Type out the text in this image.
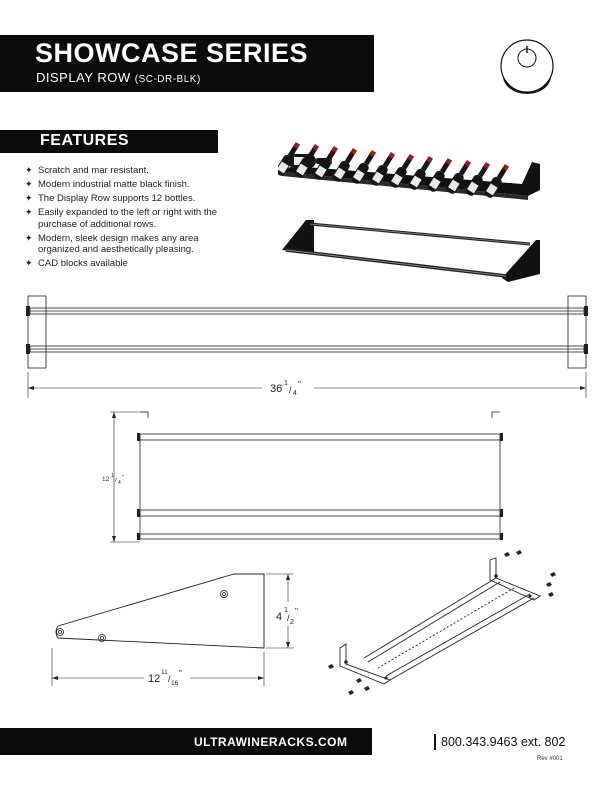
SHOWCASE SERIES
DISPLAY ROW (SC-DR-BLK)
FEATURES
✦ Scratch and mar resistant.
✦ Modern industrial matte black finish.
✦ The Display Row supports 12 bottles.
✦ Easily expanded to the left or right with the purchase of additional rows.
✦ Modern, sleek design makes any area organized and aesthetically pleasing.
✦ CAD blocks available
36 1
/ 4
"
12 1
/ 4
"
4
1
/ 2
"
12
11
/ 16
"
ULTRAWINERACKS.COM	800.343.9463 ext. 802
Rev #001
